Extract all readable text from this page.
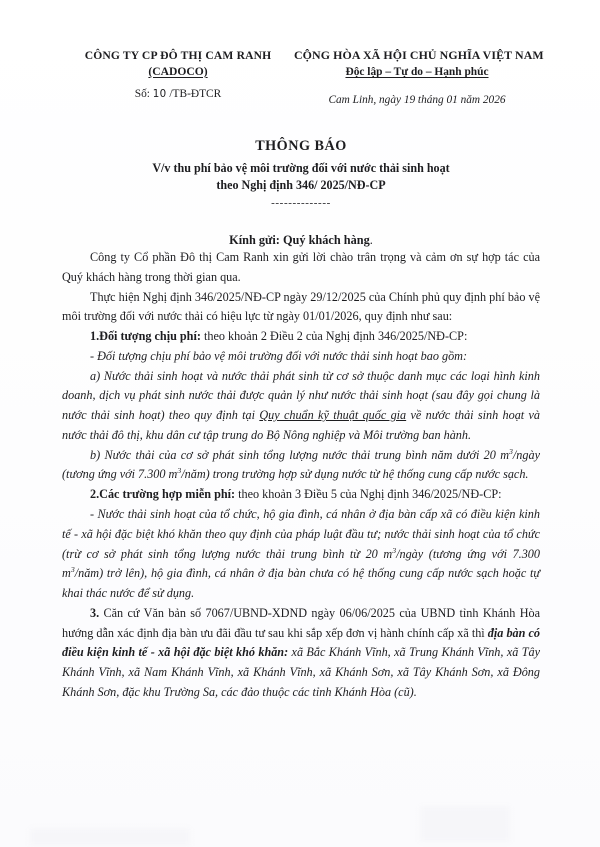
CÔNG TY CP ĐÔ THỊ CAM RANH
(CADOCO)
Số: 10 /TB-ĐTCR
CỘNG HÒA XÃ HỘI CHỦ NGHĨA VIỆT NAM
Độc lập – Tự do – Hạnh phúc
Cam Linh, ngày 19 tháng 01 năm 2026
THÔNG BÁO
V/v thu phí bảo vệ môi trường đối với nước thải sinh hoạt
theo Nghị định 346/ 2025/NĐ-CP
--------------
Kính gửi: Quý khách hàng.

Công ty Cổ phần Đô thị Cam Ranh xin gửi lời chào trân trọng và cảm ơn sự hợp tác của Quý khách hàng trong thời gian qua.

Thực hiện Nghị định 346/2025/NĐ-CP ngày 29/12/2025 của Chính phủ quy định phí bảo vệ môi trường đối với nước thải có hiệu lực từ ngày 01/01/2026, quy định như sau:

1.Đối tượng chịu phí: theo khoản 2 Điều 2 của Nghị định 346/2025/NĐ-CP:

- Đối tượng chịu phí bảo vệ môi trường đối với nước thải sinh hoạt bao gồm:

a) Nước thải sinh hoạt và nước thải phát sinh từ cơ sở thuộc danh mục các loại hình kinh doanh, dịch vụ phát sinh nước thải được quản lý như nước thải sinh hoạt (sau đây gọi chung là nước thải sinh hoạt) theo quy định tại Quy chuẩn kỹ thuật quốc gia về nước thải sinh hoạt và nước thải đô thị, khu dân cư tập trung do Bộ Nông nghiệp và Môi trường ban hành.

b) Nước thải của cơ sở phát sinh tổng lượng nước thải trung bình năm dưới 20 $m^3$/ngày (tương ứng với 7.300 $m^3/năm$) trong trường hợp sử dụng nước từ hệ thống cung cấp nước sạch.

2.Các trường hợp miễn phí: theo khoản 3 Điều 5 của Nghị định 346/2025/NĐ-CP:

- Nước thải sinh hoạt của tổ chức, hộ gia đình, cá nhân ở địa bàn cấp xã có điều kiện kinh tế - xã hội đặc biệt khó khăn theo quy định của pháp luật đầu tư; nước thải sinh hoạt của tổ chức (trừ cơ sở phát sinh tổng lượng nước thải trung bình từ 20 $m^3$/ngày (tương ứng với 7.300 $m^3/năm$) trở lên), hộ gia đình, cá nhân ở địa bàn chưa có hệ thống cung cấp nước sạch hoặc tự khai thác nước để sử dụng.

3. Căn cứ Văn bản số 7067/UBND-XDND ngày 06/06/2025 của UBND tỉnh Khánh Hòa hướng dẫn xác định địa bàn ưu đãi đầu tư sau khi sắp xếp đơn vị hành chính cấp xã thì địa bàn có điều kiện kinh tế - xã hội đặc biệt khó khăn: xã Bắc Khánh Vĩnh, xã Trung Khánh Vĩnh, xã Tây Khánh Vĩnh, xã Nam Khánh Vĩnh, xã Khánh Vĩnh, xã Khánh Sơn, xã Tây Khánh Sơn, xã Đông Khánh Sơn, đặc khu Trường Sa, các đảo thuộc các tỉnh Khánh Hòa (cũ).
